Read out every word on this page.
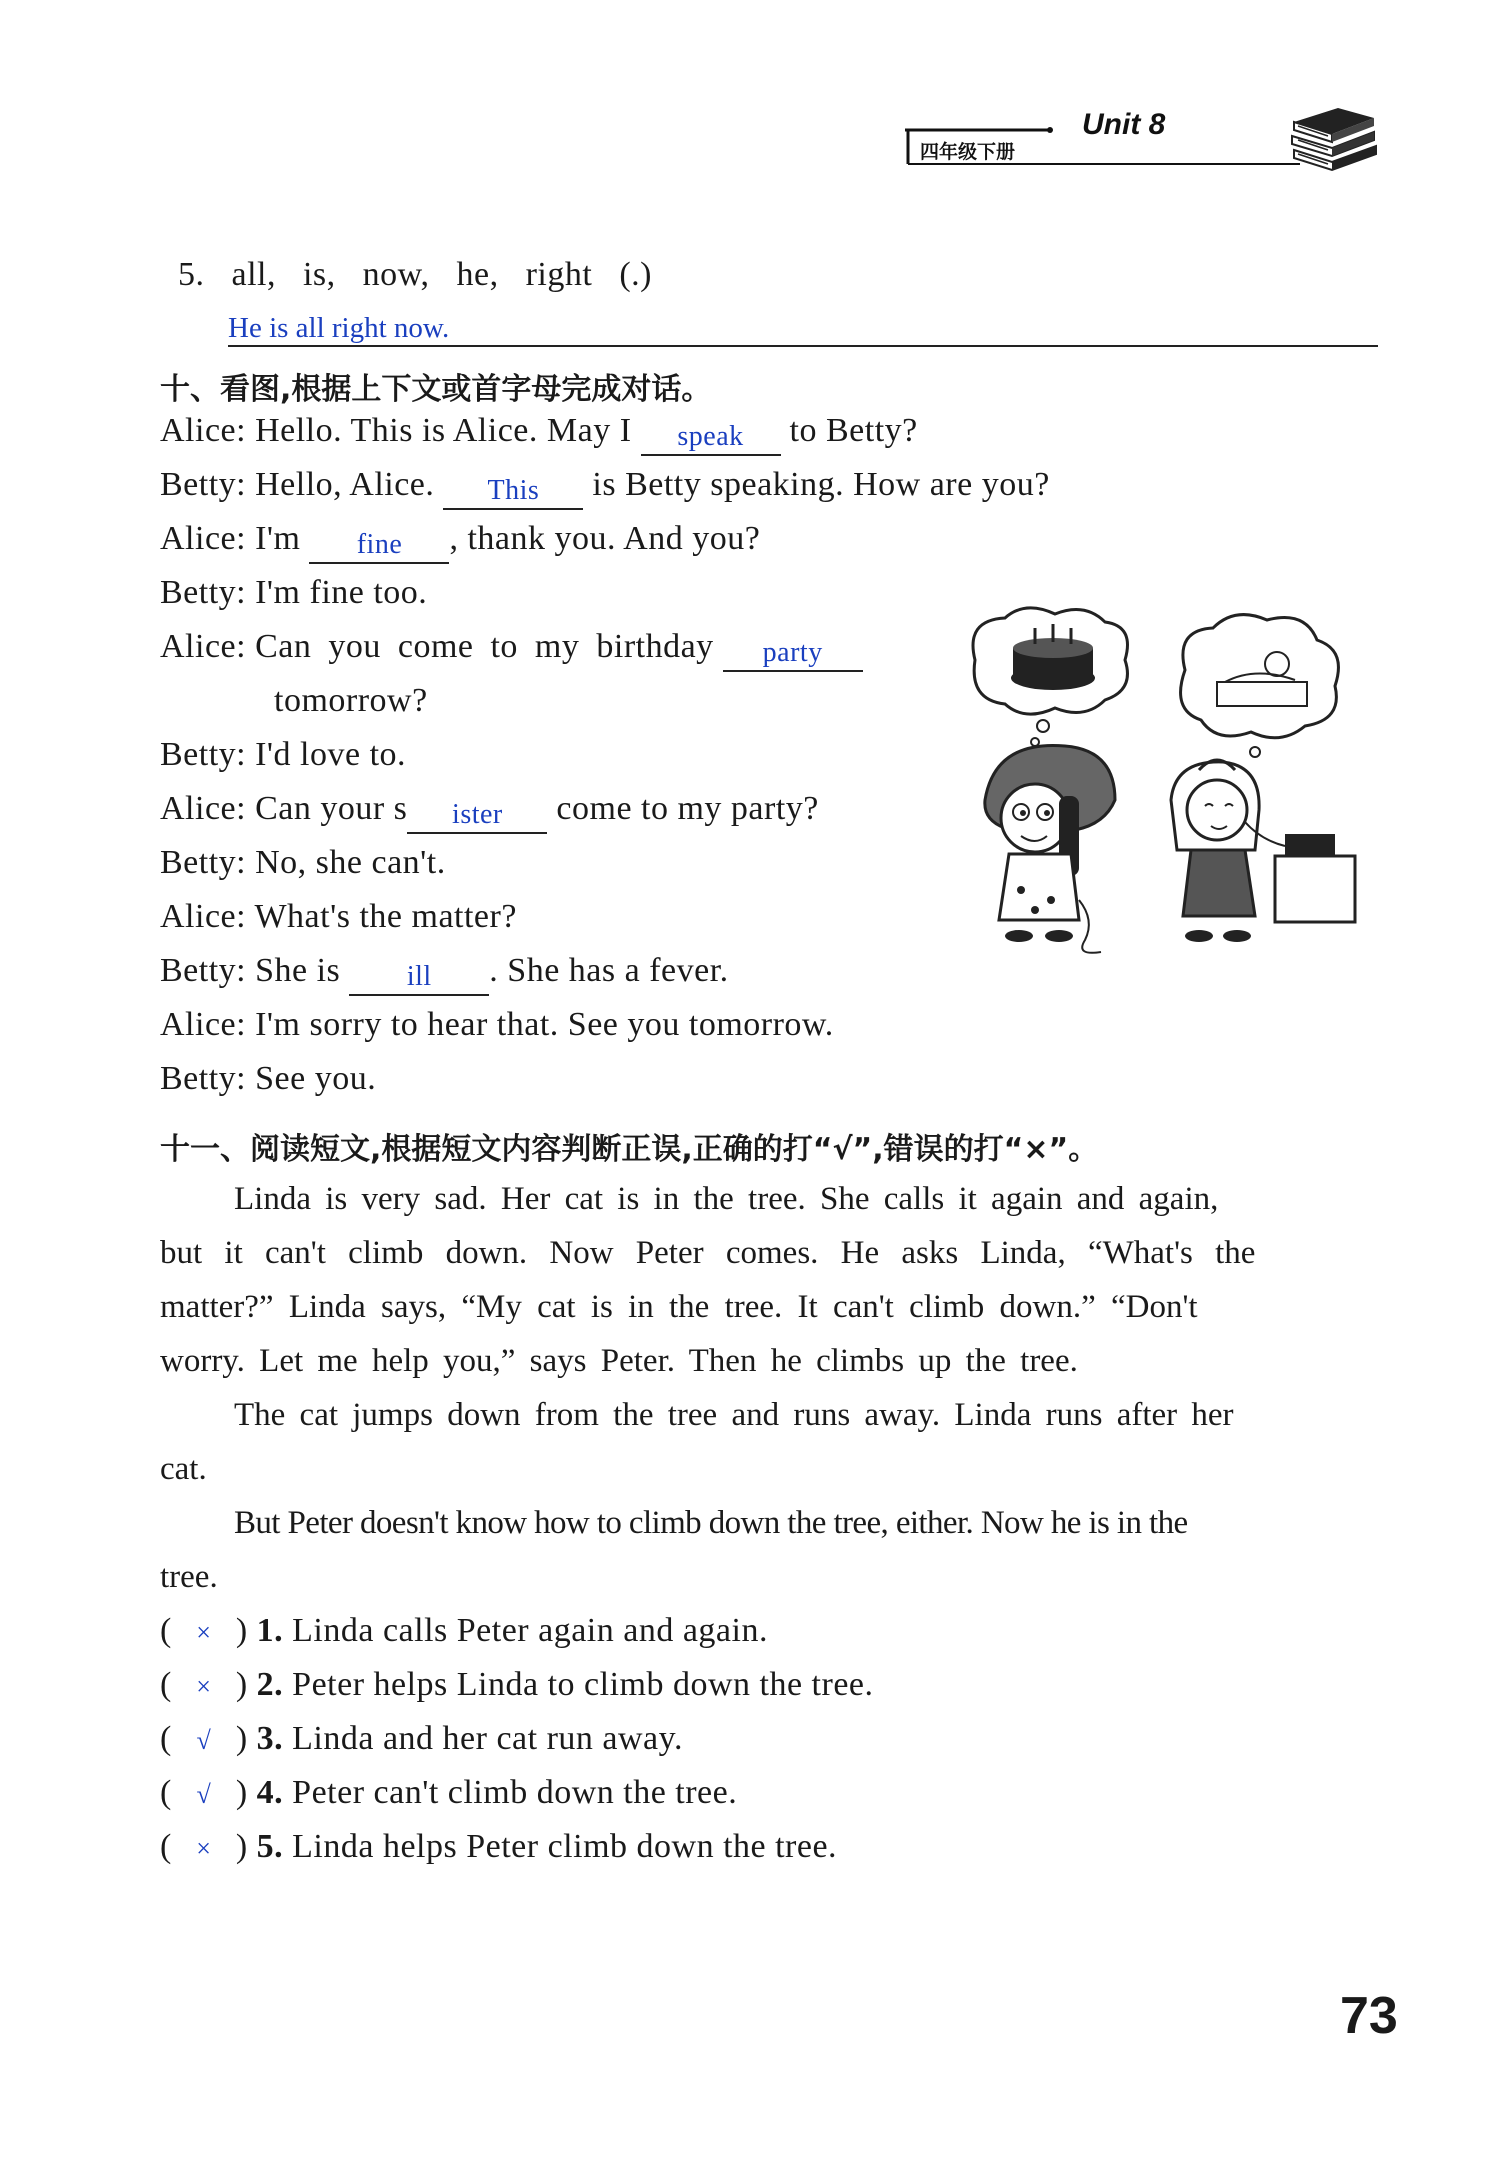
四年级下册
Unit 8
5. all, is, now, he, right (.)
He is all right now.
十、看图,根据上下文或首字母完成对话。
Alice: Hello. This is Alice. May I speak to Betty?
Betty: Hello, Alice. This is Betty speaking. How are you?
Alice: I'm fine , thank you. And you?
Betty: I'm fine too.
Alice: Can you come to my birthday party
tomorrow?
Betty: I'd love to.
Alice: Can your s ister come to my party?
Betty: No, she can't.
Alice: What's the matter?
Betty: She is ill . She has a fever.
Alice: I'm sorry to hear that. See you tomorrow.
Betty: See you.
十一、阅读短文,根据短文内容判断正误,正确的打“√”,错误的打“×”。
Linda is very sad. Her cat is in the tree. She calls it again and again,
but it can't climb down. Now Peter comes. He asks Linda, “What's the
matter?” Linda says, “My cat is in the tree. It can't climb down.” “Don't
worry. Let me help you,” says Peter. Then he climbs up the tree.
The cat jumps down from the tree and runs away. Linda runs after her
cat.
But Peter doesn't know how to climb down the tree, either. Now he is in the
tree.
( × ) 1. Linda calls Peter again and again.
( × ) 2. Peter helps Linda to climb down the tree.
( √ ) 3. Linda and her cat run away.
( √ ) 4. Peter can't climb down the tree.
( × ) 5. Linda helps Peter climb down the tree.
73
